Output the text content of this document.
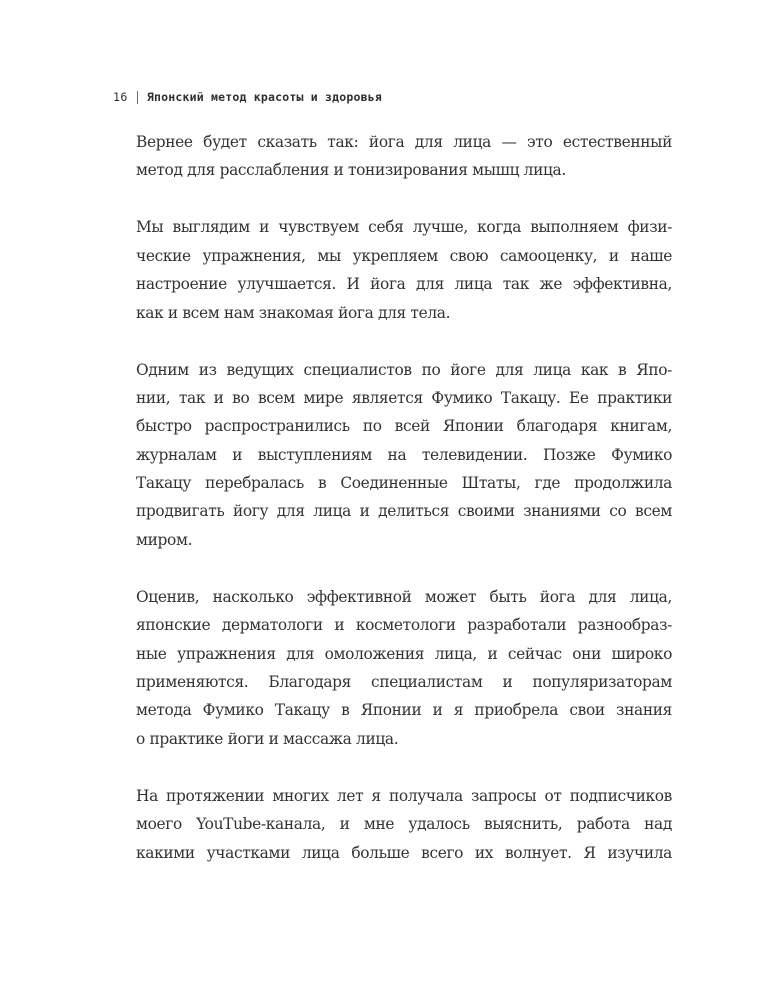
16 Японский метод красоты и здоровья
Вернее будет сказать так: йога для лица — это естественный
метод для расслабления и тонизирования мышц лица.
Мы выглядим и чувствуем себя лучше, когда выполняем физи-
ческие упражнения, мы укрепляем свою самооценку, и наше
настроение улучшается. И йога для лица так же эффективна,
как и всем нам знакомая йога для тела.
Одним из ведущих специалистов по йоге для лица как в Япо-
нии, так и во всем мире является Фумико Такацу. Ее практики
быстро распространились по всей Японии благодаря книгам,
журналам и выступлениям на телевидении. Позже Фумико
Такацу перебралась в Соединенные Штаты, где продолжила
продвигать йогу для лица и делиться своими знаниями со всем
миром.
Оценив, насколько эффективной может быть йога для лица,
японские дерматологи и косметологи разработали разнообраз-
ные упражнения для омоложения лица, и сейчас они широко
применяются. Благодаря специалистам и популяризаторам
метода Фумико Такацу в Японии и я приобрела свои знания
о практике йоги и массажа лица.
На протяжении многих лет я получала запросы от подписчиков
моего YouTube-канала, и мне удалось выяснить, работа над
какими участками лица больше всего их волнует. Я изучила
